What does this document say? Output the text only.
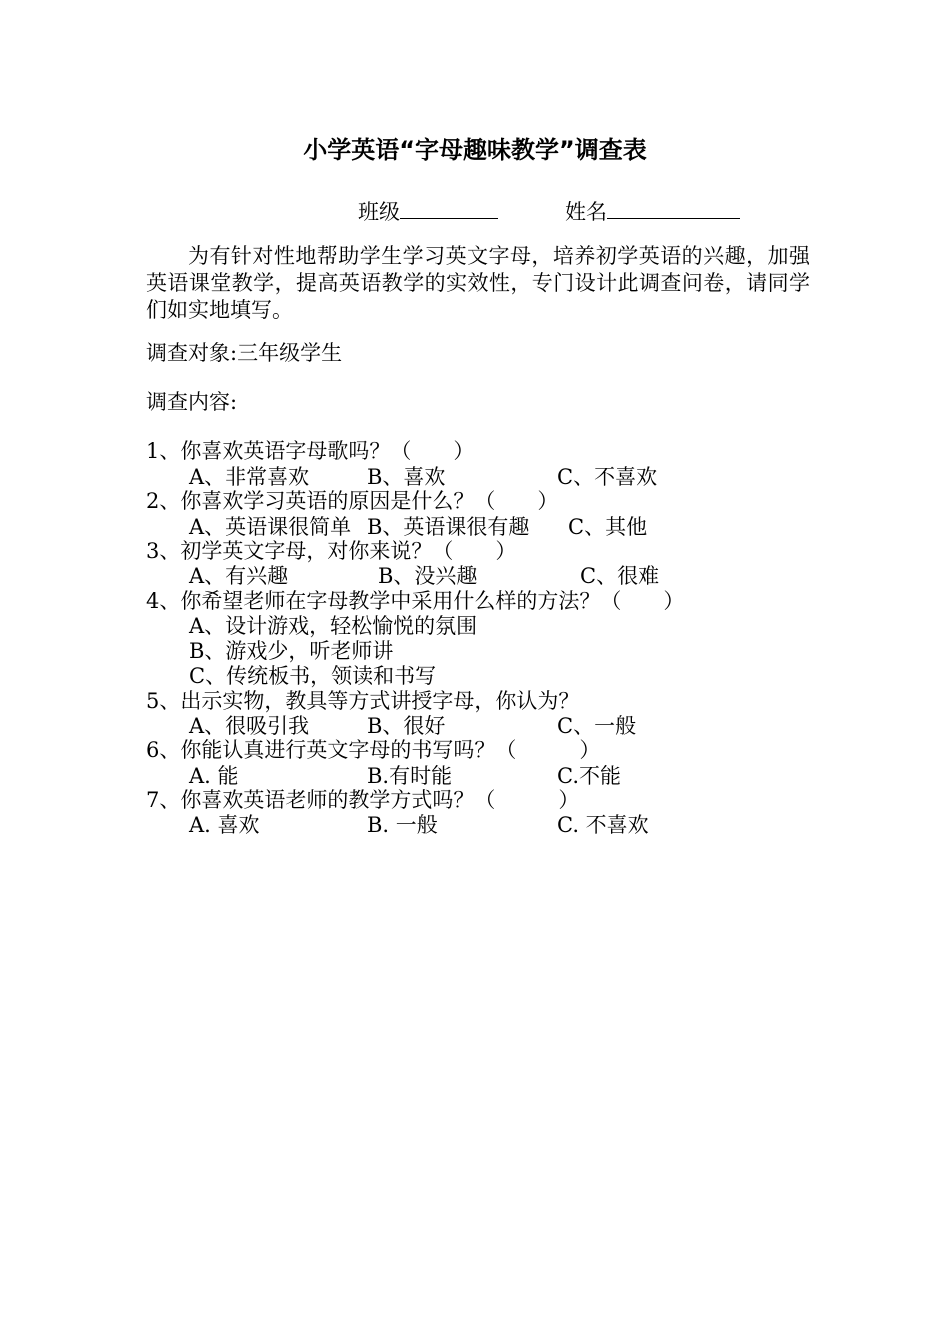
小学英语“字母趣味教学”调查表
班级	姓名

为有针对性地帮助学生学习英文字母，培养初学英语的兴趣，加强英语课堂教学，提高英语教学的实效性，专门设计此调查问卷，请同学们如实地填写。

调查对象:三年级学生
调查内容:
1、你喜欢英语字母歌吗？（　　）
A、非常喜欢	B、喜欢	C、不喜欢
2、你喜欢学习英语的原因是什么？（　　）
A、英语课很简单 B、英语课很有趣 C、其他
3、初学英文字母，对你来说？（　　）
A、有兴趣	B、没兴趣	C、很难
4、你希望老师在字母教学中采用什么样的方法？（　　）
A、设计游戏，轻松愉悦的氛围
B、游戏少，听老师讲
C、传统板书，领读和书写
5、出示实物，教具等方式讲授字母，你认为？
A、很吸引我	B、很好	C、一般
6、你能认真进行英文字母的书写吗？（　　　）
A. 能	B.有时能	C.不能
7、你喜欢英语老师的教学方式吗？（　　　）
A. 喜欢	B. 一般	C. 不喜欢
